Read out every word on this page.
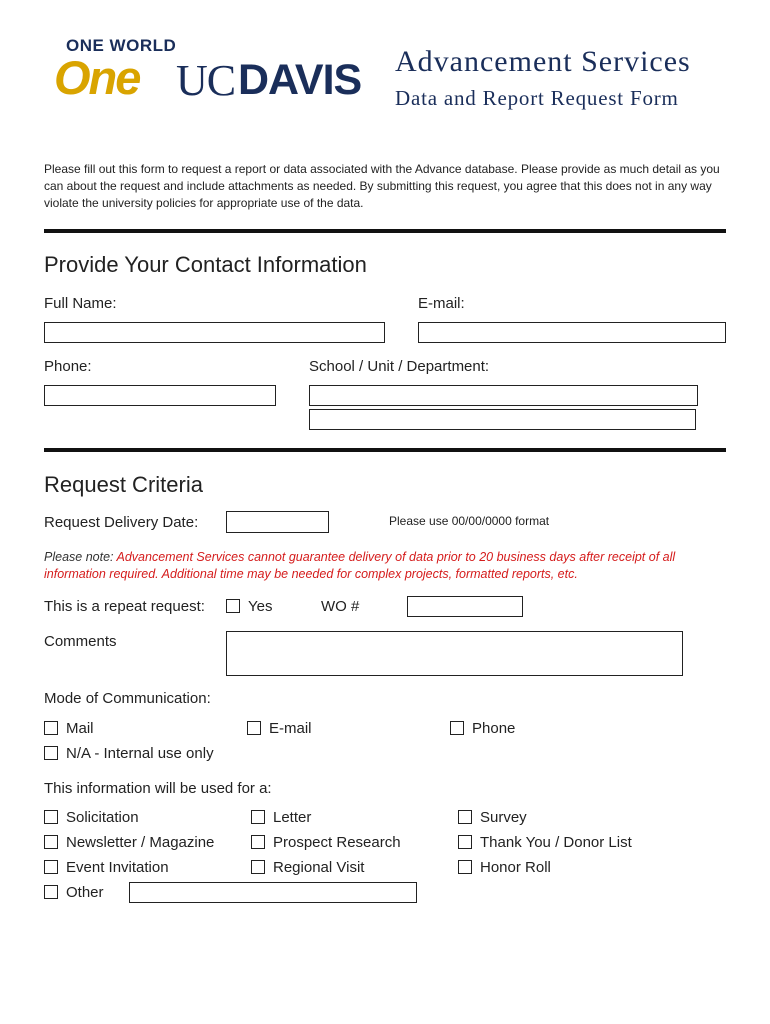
ONE WORLD
One UC DAVIS Advancement Services
Data and Report Request Form
Please fill out this form to request a report or data associated with the Advance database. Please provide as much detail as you can about the request and include attachments as needed. By submitting this request, you agree that this does not in any way violate the university policies for appropriate use of the data.
Provide Your Contact Information
Full Name:	E-mail:
Phone:	School / Unit / Department:
Request Criteria
Request Delivery Date:	Please use 00/00/0000 format
Please note: Advancement Services cannot guarantee delivery of data prior to 20 business days after receipt of all information required. Additional time may be needed for complex projects, formatted reports, etc.
This is a repeat request:	Yes	WO #
Comments
Mode of Communication:
Mail	E-mail	Phone
N/A - Internal use only
This information will be used for a:
Solicitation	Letter	Survey
Newsletter / Magazine	Prospect Research	Thank You / Donor List
Event Invitation	Regional Visit	Honor Roll
Other
